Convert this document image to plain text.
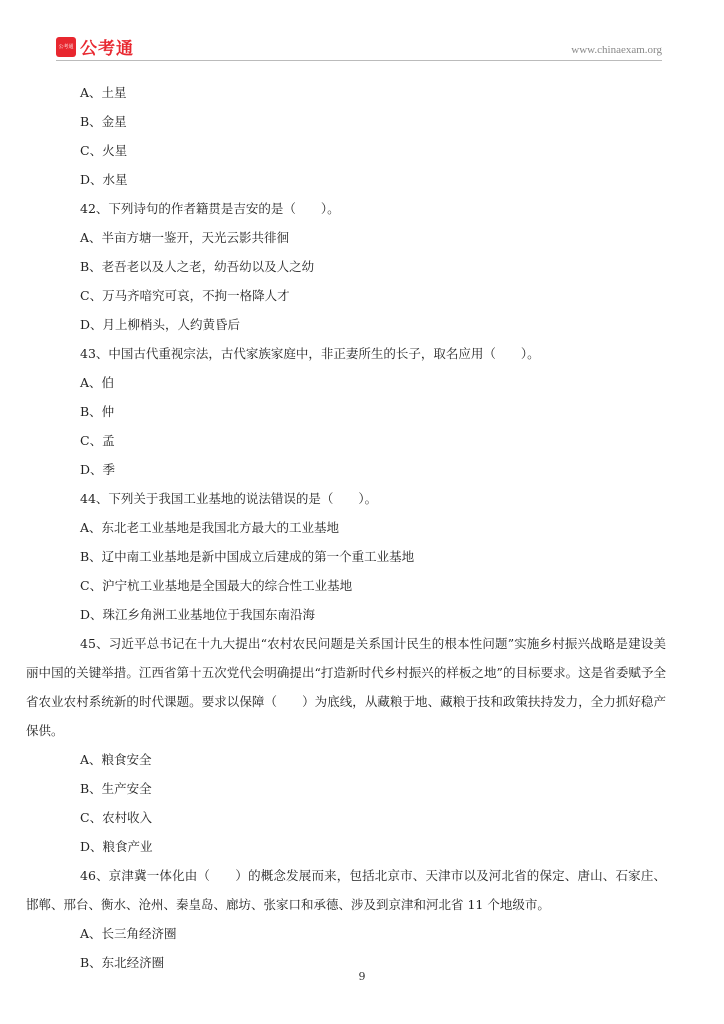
公考通 公考通	www.chinaexam.org
A、土星
B、金星
C、火星
D、水星
42、下列诗句的作者籍贯是吉安的是（　　）。
A、半亩方塘一鉴开，天光云影共徘徊
B、老吾老以及人之老，幼吾幼以及人之幼
C、万马齐喑究可哀，不拘一格降人才
D、月上柳梢头，人约黄昏后
43、中国古代重视宗法，古代家族家庭中，非正妻所生的长子，取名应用（　　）。
A、伯
B、仲
C、孟
D、季
44、下列关于我国工业基地的说法错误的是（　　）。
A、东北老工业基地是我国北方最大的工业基地
B、辽中南工业基地是新中国成立后建成的第一个重工业基地
C、沪宁杭工业基地是全国最大的综合性工业基地
D、珠江乡角洲工业基地位于我国东南沿海
45、习近平总书记在十九大提出“农村农民问题是关系国计民生的根本性问题”实施乡村振兴战略是建设美丽中国的关键举措。江西省第十五次党代会明确提出“打造新时代乡村振兴的样板之地”的目标要求。这是省委赋予全省农业农村系统新的时代课题。要求以保障（　　）为底线，从藏粮于地、藏粮于技和政策扶持发力，全力抓好稳产保供。
A、粮食安全
B、生产安全
C、农村收入
D、粮食产业
46、京津冀一体化由（　　）的概念发展而来，包括北京市、天津市以及河北省的保定、唐山、石家庄、邯郸、邢台、衡水、沧州、秦皇岛、廊坊、张家口和承德、涉及到京津和河北省 11 个地级市。
A、长三角经济圈
B、东北经济圈
9
